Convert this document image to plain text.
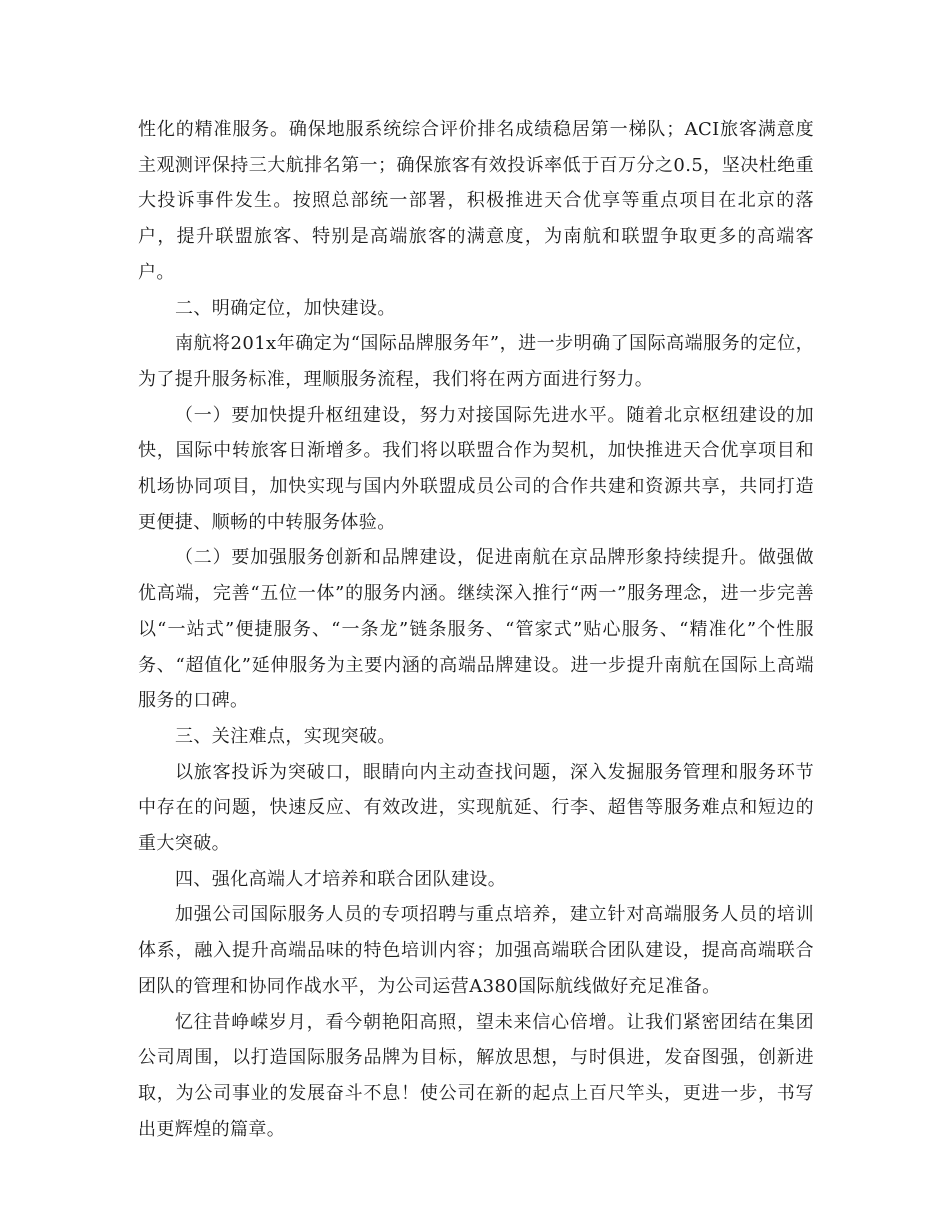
性化的精准服务。确保地服系统综合评价排名成绩稳居第一梯队；ACI旅客满意度主观测评保持三大航排名第一；确保旅客有效投诉率低于百万分之0.5，坚决杜绝重大投诉事件发生。按照总部统一部署，积极推进天合优享等重点项目在北京的落户，提升联盟旅客、特别是高端旅客的满意度，为南航和联盟争取更多的高端客户。

二、明确定位，加快建设。

南航将201x年确定为“国际品牌服务年”，进一步明确了国际高端服务的定位，为了提升服务标准，理顺服务流程，我们将在两方面进行努力。

（一）要加快提升枢纽建设，努力对接国际先进水平。随着北京枢纽建设的加快，国际中转旅客日渐增多。我们将以联盟合作为契机，加快推进天合优享项目和机场协同项目，加快实现与国内外联盟成员公司的合作共建和资源共享，共同打造更便捷、顺畅的中转服务体验。

（二）要加强服务创新和品牌建设，促进南航在京品牌形象持续提升。做强做优高端，完善“五位一体”的服务内涵。继续深入推行“两一”服务理念，进一步完善以“一站式”便捷服务、“一条龙”链条服务、“管家式”贴心服务、“精准化”个性服务、“超值化”延伸服务为主要内涵的高端品牌建设。进一步提升南航在国际上高端服务的口碑。

三、关注难点，实现突破。

以旅客投诉为突破口，眼睛向内主动查找问题，深入发掘服务管理和服务环节中存在的问题，快速反应、有效改进，实现航延、行李、超售等服务难点和短边的重大突破。

四、强化高端人才培养和联合团队建设。

加强公司国际服务人员的专项招聘与重点培养，建立针对高端服务人员的培训体系，融入提升高端品味的特色培训内容；加强高端联合团队建设，提高高端联合团队的管理和协同作战水平，为公司运营A380国际航线做好充足准备。

忆往昔峥嵘岁月，看今朝艳阳高照，望未来信心倍增。让我们紧密团结在集团公司周围，以打造国际服务品牌为目标，解放思想，与时俱进，发奋图强，创新进取，为公司事业的发展奋斗不息！使公司在新的起点上百尺竿头，更进一步，书写出更辉煌的篇章。
